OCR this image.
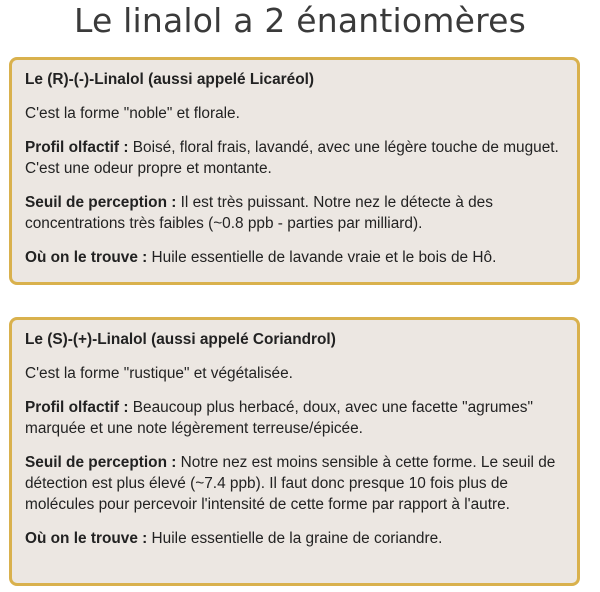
Le linalol a 2 énantiomères
Le (R)-(-)-Linalol (aussi appelé Licaréol)
C'est la forme "noble" et florale.
Profil olfactif : Boisé, floral frais, lavandé, avec une légère touche de muguet. C'est une odeur propre et montante.
Seuil de perception : Il est très puissant. Notre nez le détecte à des concentrations très faibles (~0.8 ppb - parties par milliard).
Où on le trouve : Huile essentielle de lavande vraie et le bois de Hô.
Le (S)-(+)-Linalol (aussi appelé Coriandrol)
C'est la forme "rustique" et végétalisée.
Profil olfactif : Beaucoup plus herbacé, doux, avec une facette "agrumes" marquée et une note légèrement terreuse/épicée.
Seuil de perception : Notre nez est moins sensible à cette forme. Le seuil de détection est plus élevé (~7.4 ppb). Il faut donc presque 10 fois plus de molécules pour percevoir l'intensité de cette forme par rapport à l'autre.
Où on le trouve : Huile essentielle de la graine de coriandre.
